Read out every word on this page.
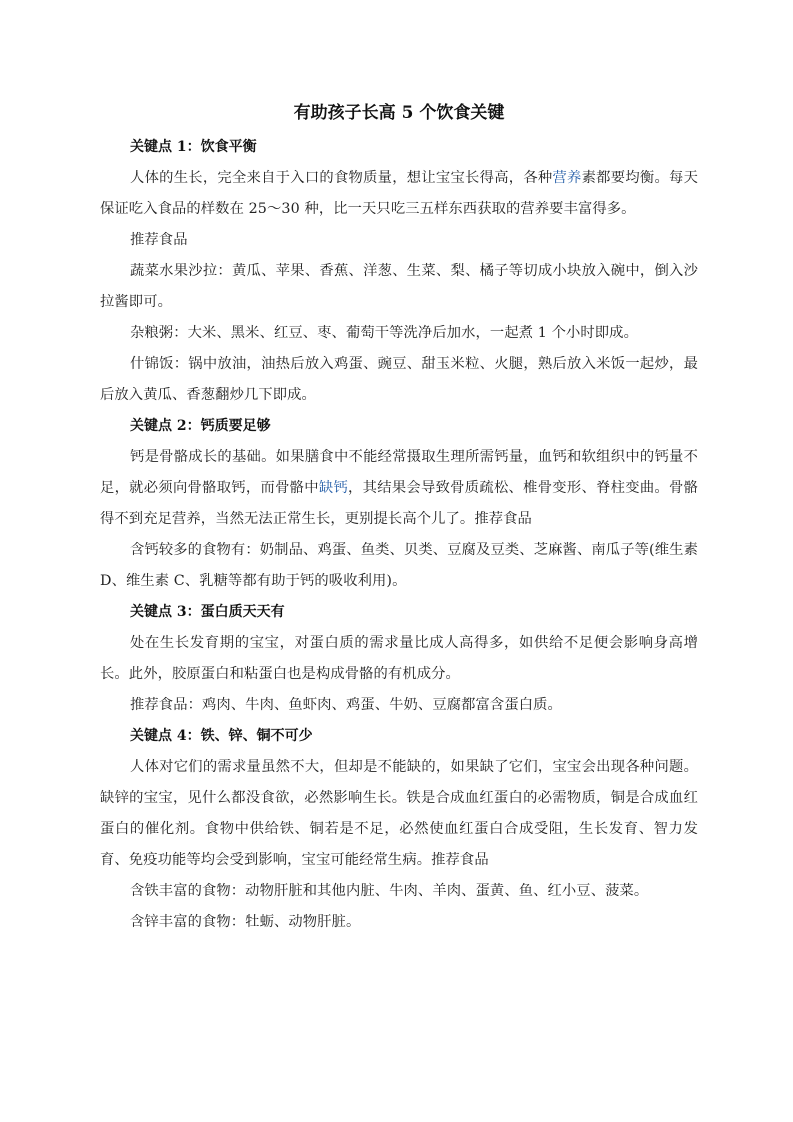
有助孩子长高 5 个饮食关键

关键点 1：饮食平衡

人体的生长，完全来自于入口的食物质量，想让宝宝长得高，各种营养素都要均衡。每天保证吃入食品的样数在 25～30 种，比一天只吃三五样东西获取的营养要丰富得多。

推荐食品

蔬菜水果沙拉：黄瓜、苹果、香蕉、洋葱、生菜、梨、橘子等切成小块放入碗中，倒入沙拉酱即可。

杂粮粥：大米、黑米、红豆、枣、葡萄干等洗净后加水，一起煮 1 个小时即成。

什锦饭：锅中放油，油热后放入鸡蛋、豌豆、甜玉米粒、火腿，熟后放入米饭一起炒，最后放入黄瓜、香葱翻炒几下即成。

关键点 2：钙质要足够

钙是骨骼成长的基础。如果膳食中不能经常摄取生理所需钙量，血钙和软组织中的钙量不足，就必须向骨骼取钙，而骨骼中缺钙，其结果会导致骨质疏松、椎骨变形、脊柱变曲。骨骼得不到充足营养，当然无法正常生长，更别提长高个儿了。推荐食品

含钙较多的食物有：奶制品、鸡蛋、鱼类、贝类、豆腐及豆类、芝麻酱、南瓜子等(维生素 D、维生素 C、乳糖等都有助于钙的吸收利用)。

关键点 3：蛋白质天天有

处在生长发育期的宝宝，对蛋白质的需求量比成人高得多，如供给不足便会影响身高增长。此外，胶原蛋白和粘蛋白也是构成骨骼的有机成分。

推荐食品：鸡肉、牛肉、鱼虾肉、鸡蛋、牛奶、豆腐都富含蛋白质。

关键点 4：铁、锌、铜不可少

人体对它们的需求量虽然不大，但却是不能缺的，如果缺了它们，宝宝会出现各种问题。缺锌的宝宝，见什么都没食欲，必然影响生长。铁是合成血红蛋白的必需物质，铜是合成血红蛋白的催化剂。食物中供给铁、铜若是不足，必然使血红蛋白合成受阻，生长发育、智力发育、免疫功能等均会受到影响，宝宝可能经常生病。推荐食品

含铁丰富的食物：动物肝脏和其他内脏、牛肉、羊肉、蛋黄、鱼、红小豆、菠菜。

含锌丰富的食物：牡蛎、动物肝脏。
